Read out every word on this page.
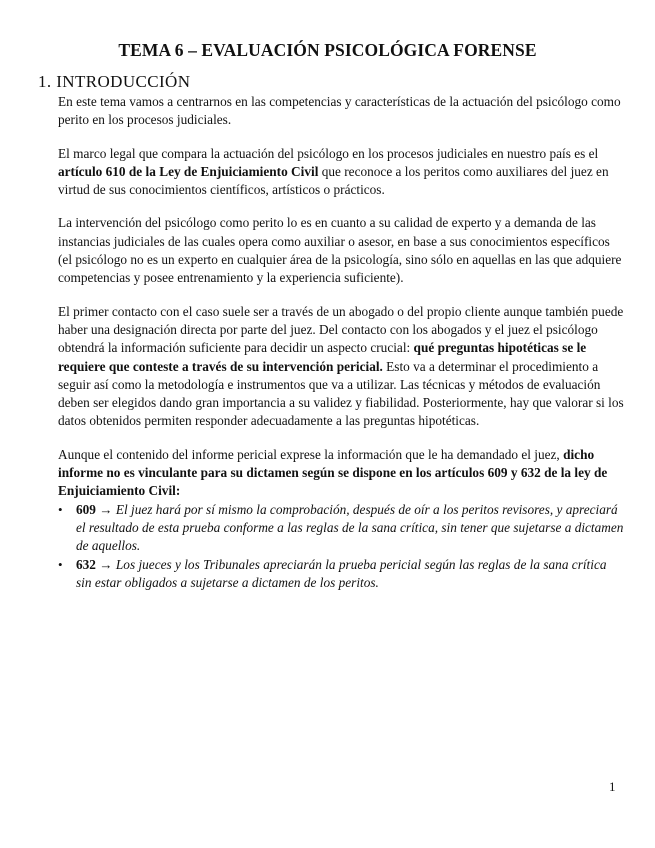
TEMA 6 – EVALUACIÓN PSICOLÓGICA FORENSE
1. INTRODUCCIÓN

En este tema vamos a centrarnos en las competencias y características de la actuación del psicólogo como perito en los procesos judiciales.

El marco legal que compara la actuación del psicólogo en los procesos judiciales en nuestro país es el artículo 610 de la Ley de Enjuiciamiento Civil que reconoce a los peritos como auxiliares del juez en virtud de sus conocimientos científicos, artísticos o prácticos.

La intervención del psicólogo como perito lo es en cuanto a su calidad de experto y a demanda de las instancias judiciales de las cuales opera como auxiliar o asesor, en base a sus conocimientos específicos (el psicólogo no es un experto en cualquier área de la psicología, sino sólo en aquellas en las que adquiere competencias y posee entrenamiento y la experiencia suficiente).

El primer contacto con el caso suele ser a través de un abogado o del propio cliente aunque también puede haber una designación directa por parte del juez. Del contacto con los abogados y el juez el psicólogo obtendrá la información suficiente para decidir un aspecto crucial: qué preguntas hipotéticas se le requiere que conteste a través de su intervención pericial. Esto va a determinar el procedimiento a seguir así como la metodología e instrumentos que va a utilizar. Las técnicas y métodos de evaluación deben ser elegidos dando gran importancia a su validez y fiabilidad. Posteriormente, hay que valorar si los datos obtenidos permiten responder adecuadamente a las preguntas hipotéticas.

Aunque el contenido del informe pericial exprese la información que le ha demandado el juez, dicho informe no es vinculante para su dictamen según se dispone en los artículos 609 y 632 de la ley de Enjuiciamiento Civil:

• 609 → El juez hará por sí mismo la comprobación, después de oír a los peritos revisores, y apreciará el resultado de esta prueba conforme a las reglas de la sana crítica, sin tener que sujetarse a dictamen de aquellos.
• 632 → Los jueces y los Tribunales apreciarán la prueba pericial según las reglas de la sana crítica sin estar obligados a sujetarse a dictamen de los peritos.
1
